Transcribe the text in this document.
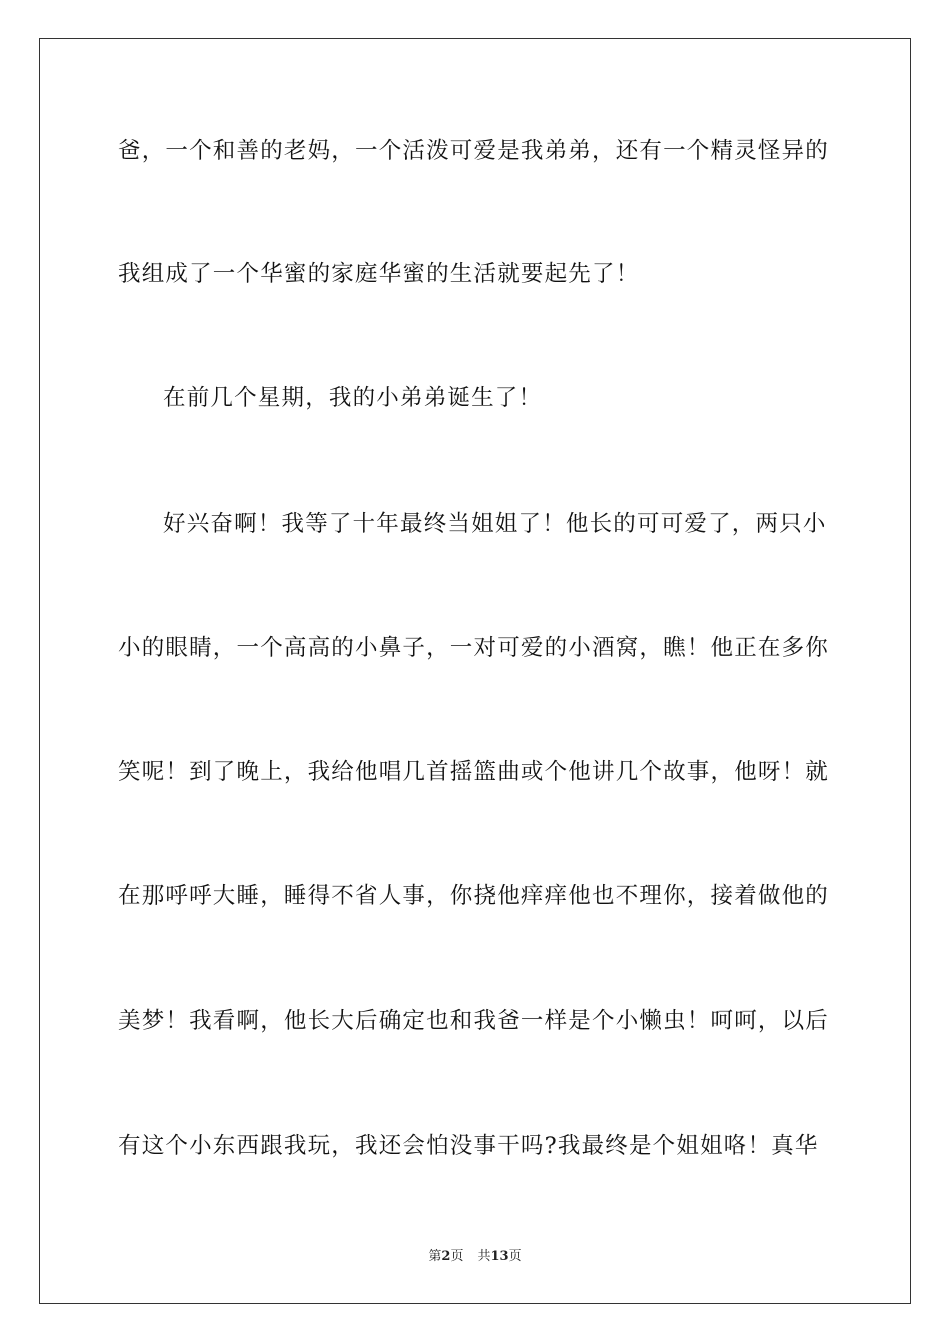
爸，一个和善的老妈，一个活泼可爱是我弟弟，还有一个精灵怪异的
我组成了一个华蜜的家庭华蜜的生活就要起先了！
在前几个星期，我的小弟弟诞生了！
好兴奋啊！我等了十年最终当姐姐了！他长的可可爱了，两只小
小的眼睛，一个高高的小鼻子，一对可爱的小酒窝，瞧！他正在多你
笑呢！到了晚上，我给他唱几首摇篮曲或个他讲几个故事，他呀！就
在那呼呼大睡，睡得不省人事，你挠他痒痒他也不理你，接着做他的
美梦！我看啊，他长大后确定也和我爸一样是个小懒虫！呵呵，以后
有这个小东西跟我玩，我还会怕没事干吗?我最终是个姐姐咯！真华
第2页 共13页
